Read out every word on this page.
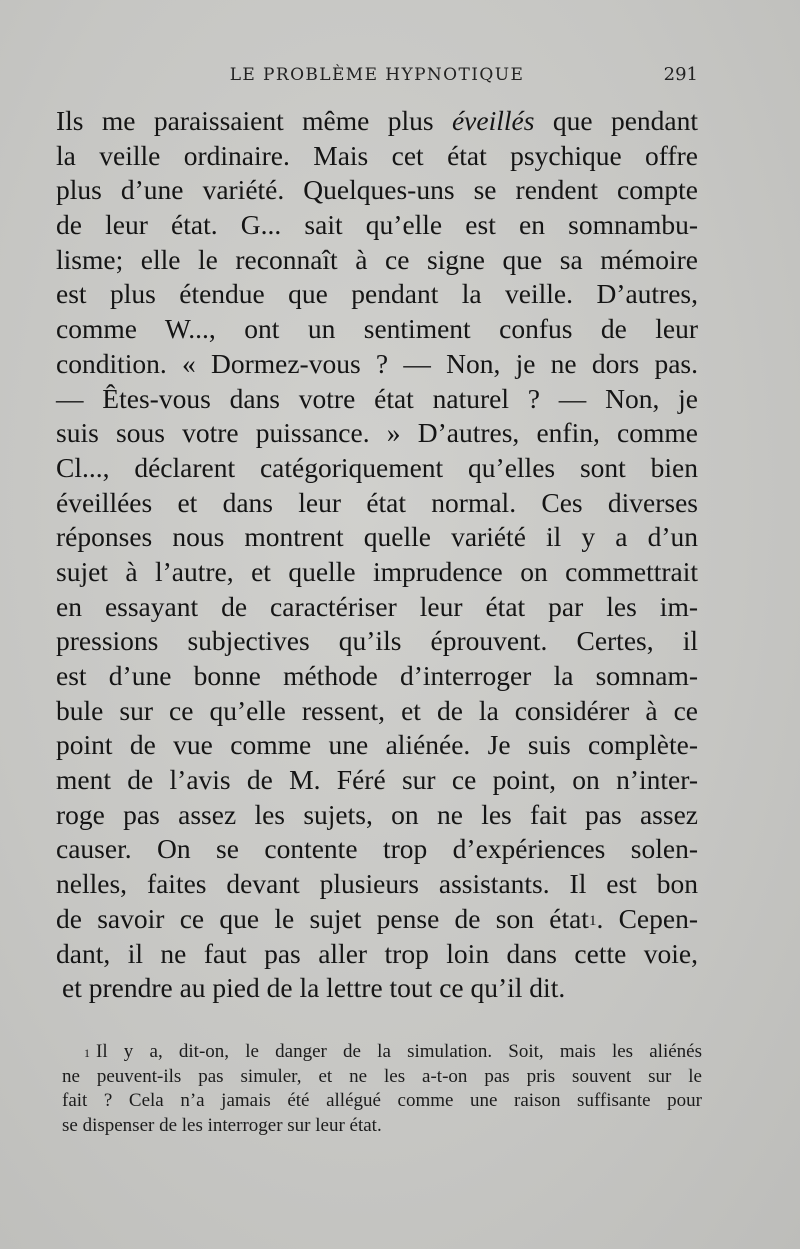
LE PROBLÈME HYPNOTIQUE	291
Ils me paraissaient même plus éveillés que pendant
la veille ordinaire. Mais cet état psychique offre
plus d’une variété. Quelques-uns se rendent compte
de leur état. G... sait qu’elle est en somnambu-
lisme; elle le reconnaît à ce signe que sa mémoire
est plus étendue que pendant la veille. D’autres,
comme W..., ont un sentiment confus de leur
condition. « Dormez-vous ? — Non, je ne dors pas.
— Êtes-vous dans votre état naturel ? — Non, je
suis sous votre puissance. » D’autres, enfin, comme
Cl..., déclarent catégoriquement qu’elles sont bien
éveillées et dans leur état normal. Ces diverses
réponses nous montrent quelle variété il y a d’un
sujet à l’autre, et quelle imprudence on commettrait
en essayant de caractériser leur état par les im-
pressions subjectives qu’ils éprouvent. Certes, il
est d’une bonne méthode d’interroger la somnam-
bule sur ce qu’elle ressent, et de la considérer à ce
point de vue comme une aliénée. Je suis complète-
ment de l’avis de M. Féré sur ce point, on n’inter-
roge pas assez les sujets, on ne les fait pas assez
causer. On se contente trop d’expériences solen-
nelles, faites devant plusieurs assistants. Il est bon
de savoir ce que le sujet pense de son état$^1$. Cepen-
dant, il ne faut pas aller trop loin dans cette voie,
et prendre au pied de la lettre tout ce qu’il dit.
$^1$ Il y a, dit-on, le danger de la simulation. Soit, mais les aliénés
ne peuvent-ils pas simuler, et ne les a-t-on pas pris souvent sur le
fait ? Cela n’a jamais été allégué comme une raison suffisante pour
se dispenser de les interroger sur leur état.
